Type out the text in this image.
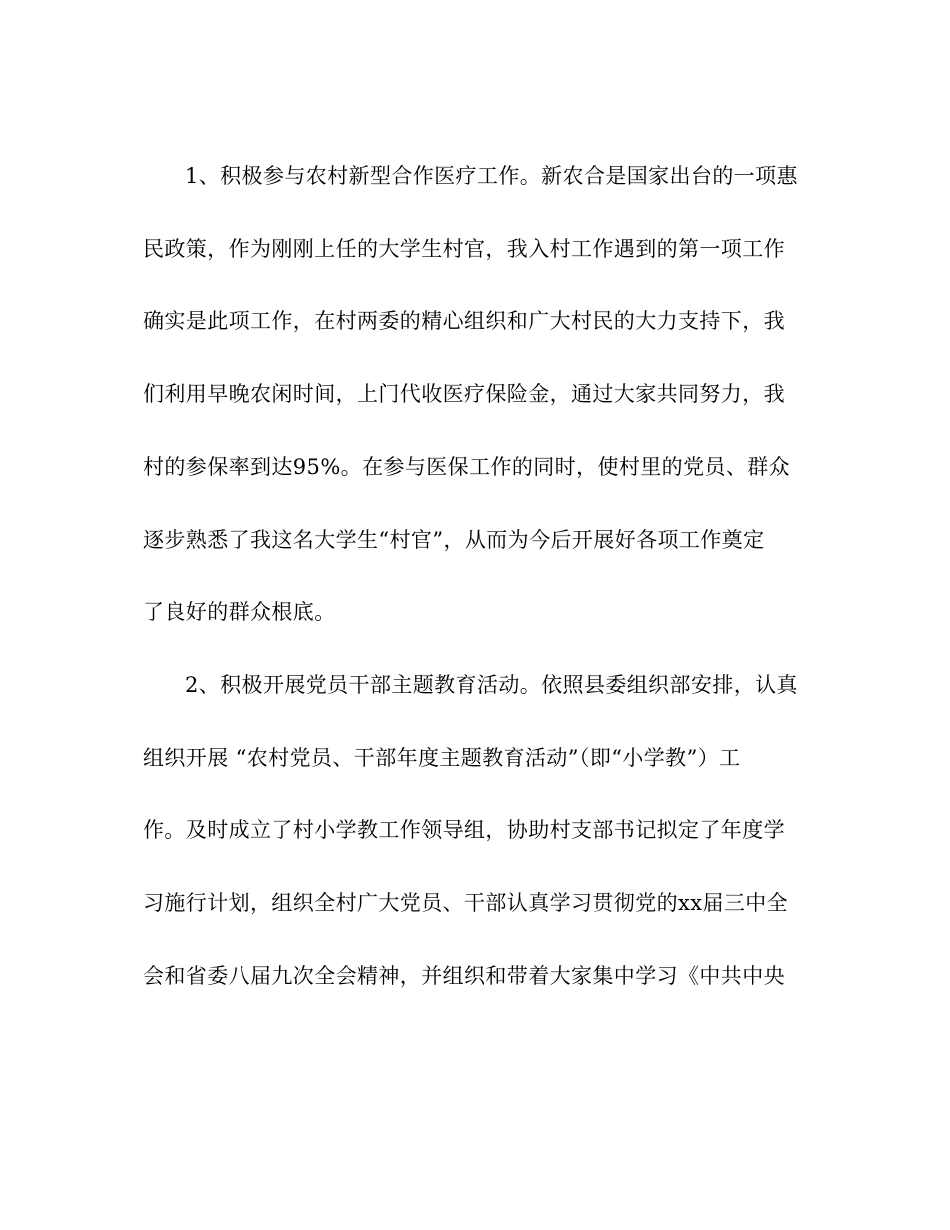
1、积极参与农村新型合作医疗工作。新农合是国家出台的一项惠
民政策，作为刚刚上任的大学生村官，我入村工作遇到的第一项工作
确实是此项工作，在村两委的精心组织和广大村民的大力支持下，我
们利用早晚农闲时间，上门代收医疗保险金，通过大家共同努力，我
村的参保率到达95%。在参与医保工作的同时，使村里的党员、群众
逐步熟悉了我这名大学生“村官”，从而为今后开展好各项工作奠定
了良好的群众根底。
2、积极开展党员干部主题教育活动。依照县委组织部安排，认真
组织开展 “农村党员、干部年度主题教育活动”（即“小学教”）工
作。及时成立了村小学教工作领导组，协助村支部书记拟定了年度学
习施行计划，组织全村广大党员、干部认真学习贯彻党的xx届三中全
会和省委八届九次全会精神，并组织和带着大家集中学习《中共中央
